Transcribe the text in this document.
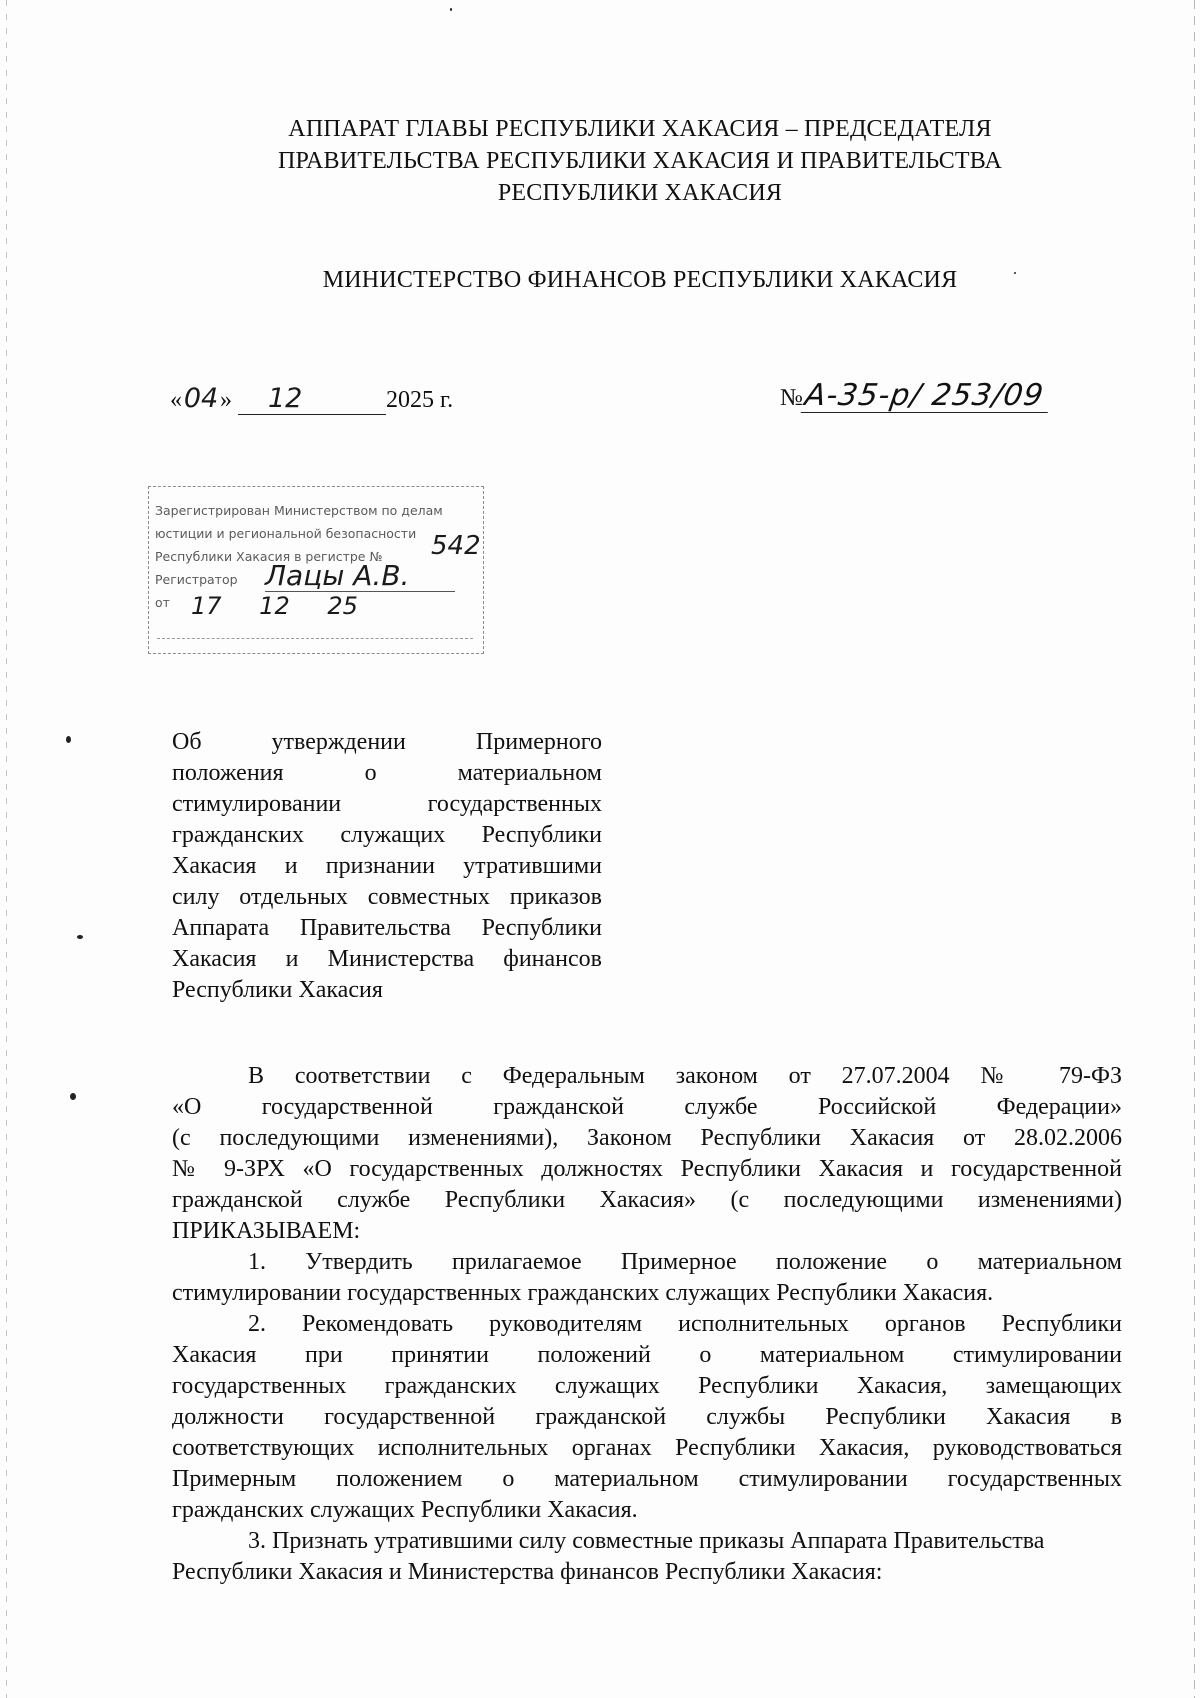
АППАРАТ ГЛАВЫ РЕСПУБЛИКИ ХАКАСИЯ – ПРЕДСЕДАТЕЛЯ
ПРАВИТЕЛЬСТВА РЕСПУБЛИКИ ХАКАСИЯ И ПРАВИТЕЛЬСТВА
РЕСПУБЛИКИ ХАКАСИЯ
МИНИСТЕРСТВО ФИНАНСОВ РЕСПУБЛИКИ ХАКАСИЯ
«04» 12	2025 г.	№А-35-р/ 253/09
Зарегистрирован Министерством по делам
юстиции и региональной безопасности
Республики Хакасия в регистре №
Регистратор
от
542
Лацы А.В.
17 12 25
Об утверждении Примерного
положения о материальном
стимулировании государственных
гражданских служащих Республики
Хакасия и признании утратившими
силу отдельных совместных приказов
Аппарата Правительства Республики
Хакасия и Министерства финансов
Республики Хакасия
В соответствии с Федеральным законом от 27.07.2004 № 79-ФЗ
«О государственной гражданской службе Российской Федерации»
(с последующими изменениями), Законом Республики Хакасия от 28.02.2006
№ 9-ЗРХ «О государственных должностях Республики Хакасия и государственной
гражданской службе Республики Хакасия» (с последующими изменениями)
ПРИКАЗЫВАЕМ:
1. Утвердить прилагаемое Примерное положение о материальном
стимулировании государственных гражданских служащих Республики Хакасия.
2. Рекомендовать руководителям исполнительных органов Республики
Хакасия при принятии положений о материальном стимулировании
государственных гражданских служащих Республики Хакасия, замещающих
должности государственной гражданской службы Республики Хакасия в
соответствующих исполнительных органах Республики Хакасия, руководствоваться
Примерным положением о материальном стимулировании государственных
гражданских служащих Республики Хакасия.
3. Признать утратившими силу совместные приказы Аппарата Правительства
Республики Хакасия и Министерства финансов Республики Хакасия:
